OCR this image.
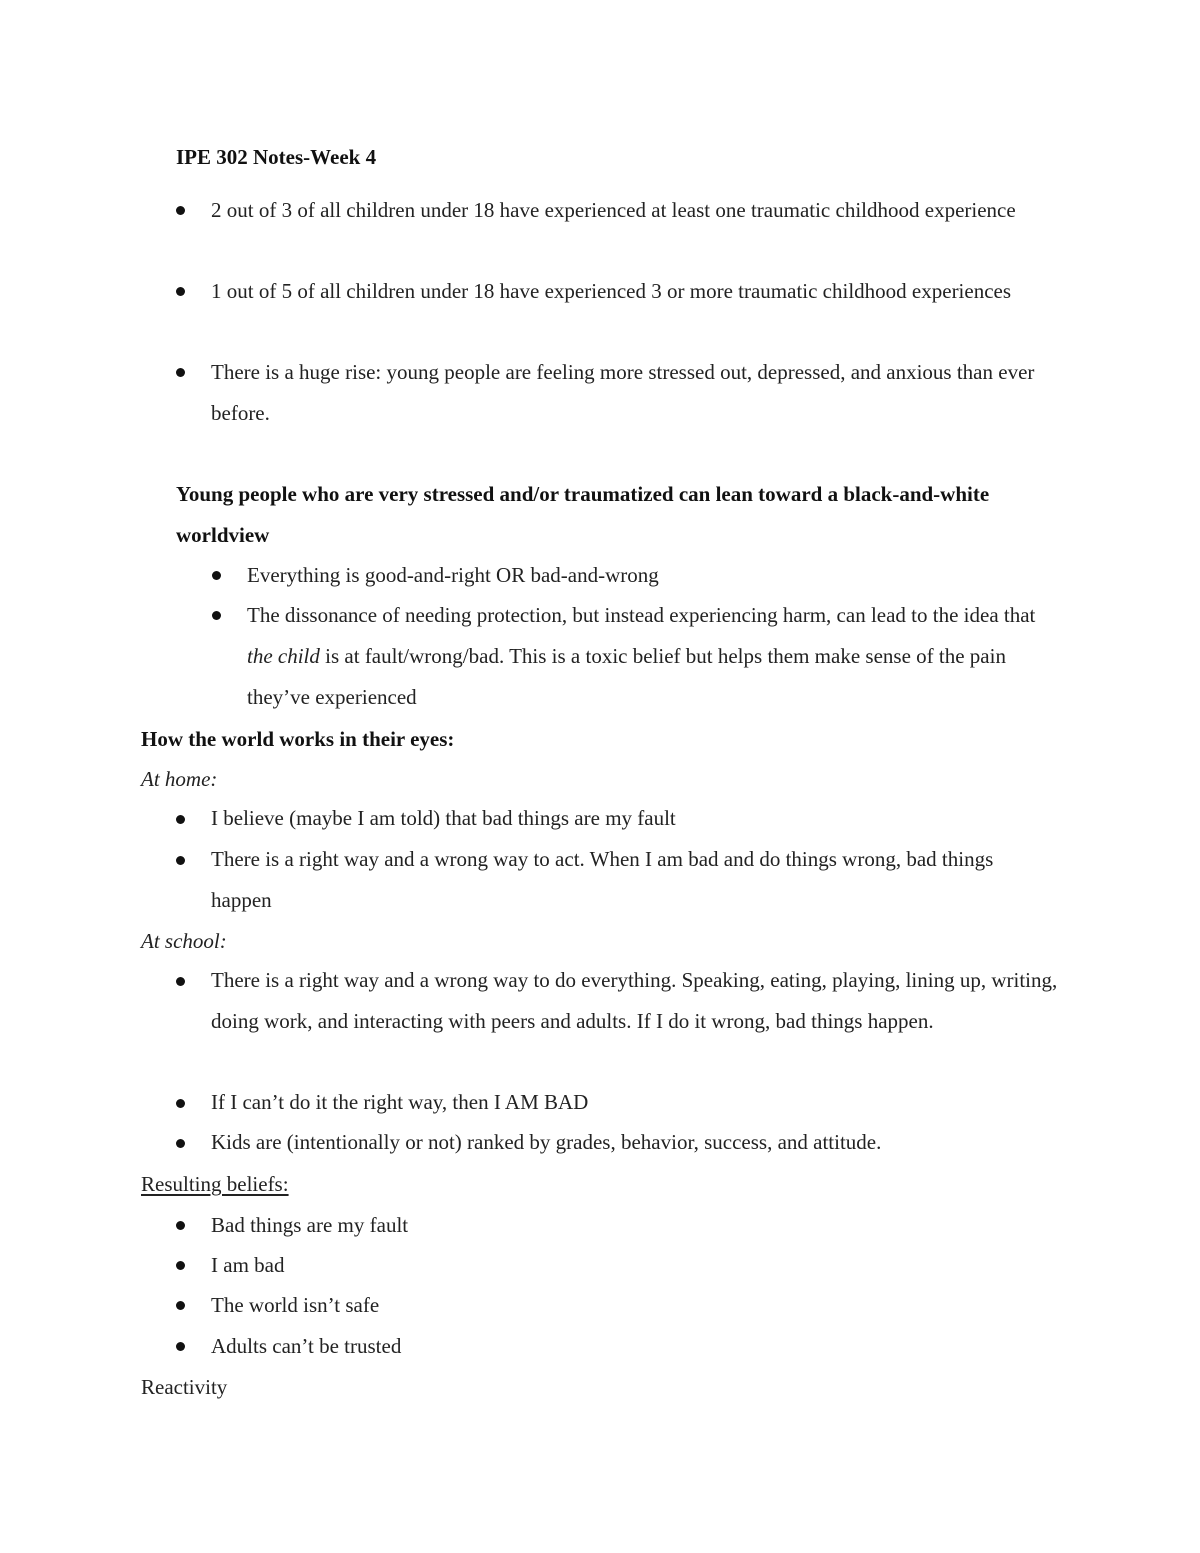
IPE 302 Notes-Week 4
2 out of 3 of all children under 18 have experienced at least one traumatic childhood experience
1 out of 5 of all children under 18 have experienced 3 or more traumatic childhood experiences
There is a huge rise: young people are feeling more stressed out, depressed, and anxious than ever before.
Young people who are very stressed and/or traumatized can lean toward a black-and-white worldview
Everything is good-and-right OR bad-and-wrong
The dissonance of needing protection, but instead experiencing harm, can lead to the idea that the child is at fault/wrong/bad. This is a toxic belief but helps them make sense of the pain they’ve experienced
How the world works in their eyes:
At home:
I believe (maybe I am told) that bad things are my fault
There is a right way and a wrong way to act. When I am bad and do things wrong, bad things happen
At school:
There is a right way and a wrong way to do everything. Speaking, eating, playing, lining up, writing, doing work, and interacting with peers and adults. If I do it wrong, bad things happen.
If I can’t do it the right way, then I AM BAD
Kids are (intentionally or not) ranked by grades, behavior, success, and attitude.
Resulting beliefs:
Bad things are my fault
I am bad
The world isn’t safe
Adults can’t be trusted
Reactivity
